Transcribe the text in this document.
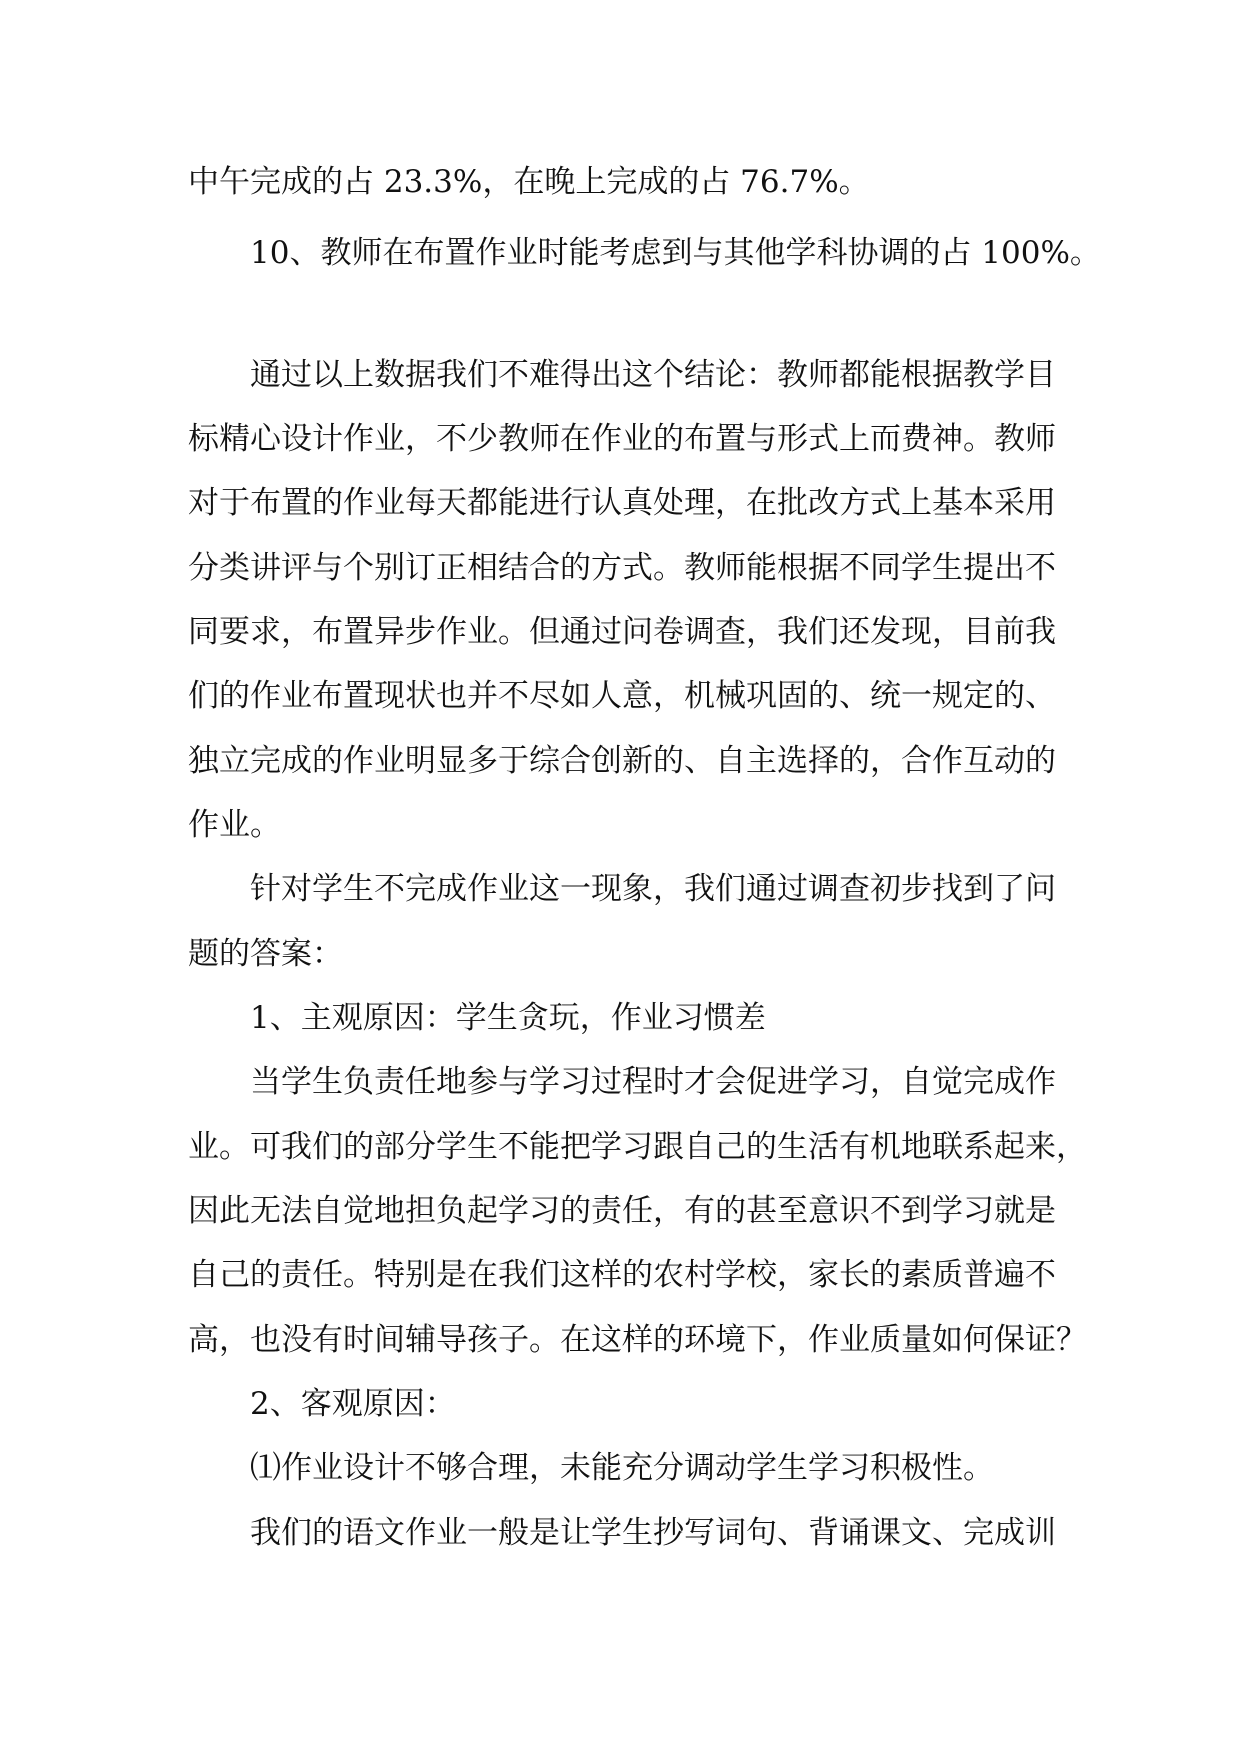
中午完成的占 23.3%，在晚上完成的占 76.7%。
10、教师在布置作业时能考虑到与其他学科协调的占 100%。
通过以上数据我们不难得出这个结论：教师都能根据教学目
标精心设计作业，不少教师在作业的布置与形式上而费神。教师
对于布置的作业每天都能进行认真处理，在批改方式上基本采用
分类讲评与个别订正相结合的方式。教师能根据不同学生提出不
同要求，布置异步作业。但通过问卷调查，我们还发现，目前我
们的作业布置现状也并不尽如人意，机械巩固的、统一规定的、
独立完成的作业明显多于综合创新的、自主选择的，合作互动的
作业。
针对学生不完成作业这一现象，我们通过调查初步找到了问
题的答案：
1、主观原因：学生贪玩，作业习惯差
当学生负责任地参与学习过程时才会促进学习，自觉完成作
业。可我们的部分学生不能把学习跟自己的生活有机地联系起来，
因此无法自觉地担负起学习的责任，有的甚至意识不到学习就是
自己的责任。特别是在我们这样的农村学校，家长的素质普遍不
高，也没有时间辅导孩子。在这样的环境下，作业质量如何保证？
2、客观原因：
⑴作业设计不够合理，未能充分调动学生学习积极性。
我们的语文作业一般是让学生抄写词句、背诵课文、完成训
